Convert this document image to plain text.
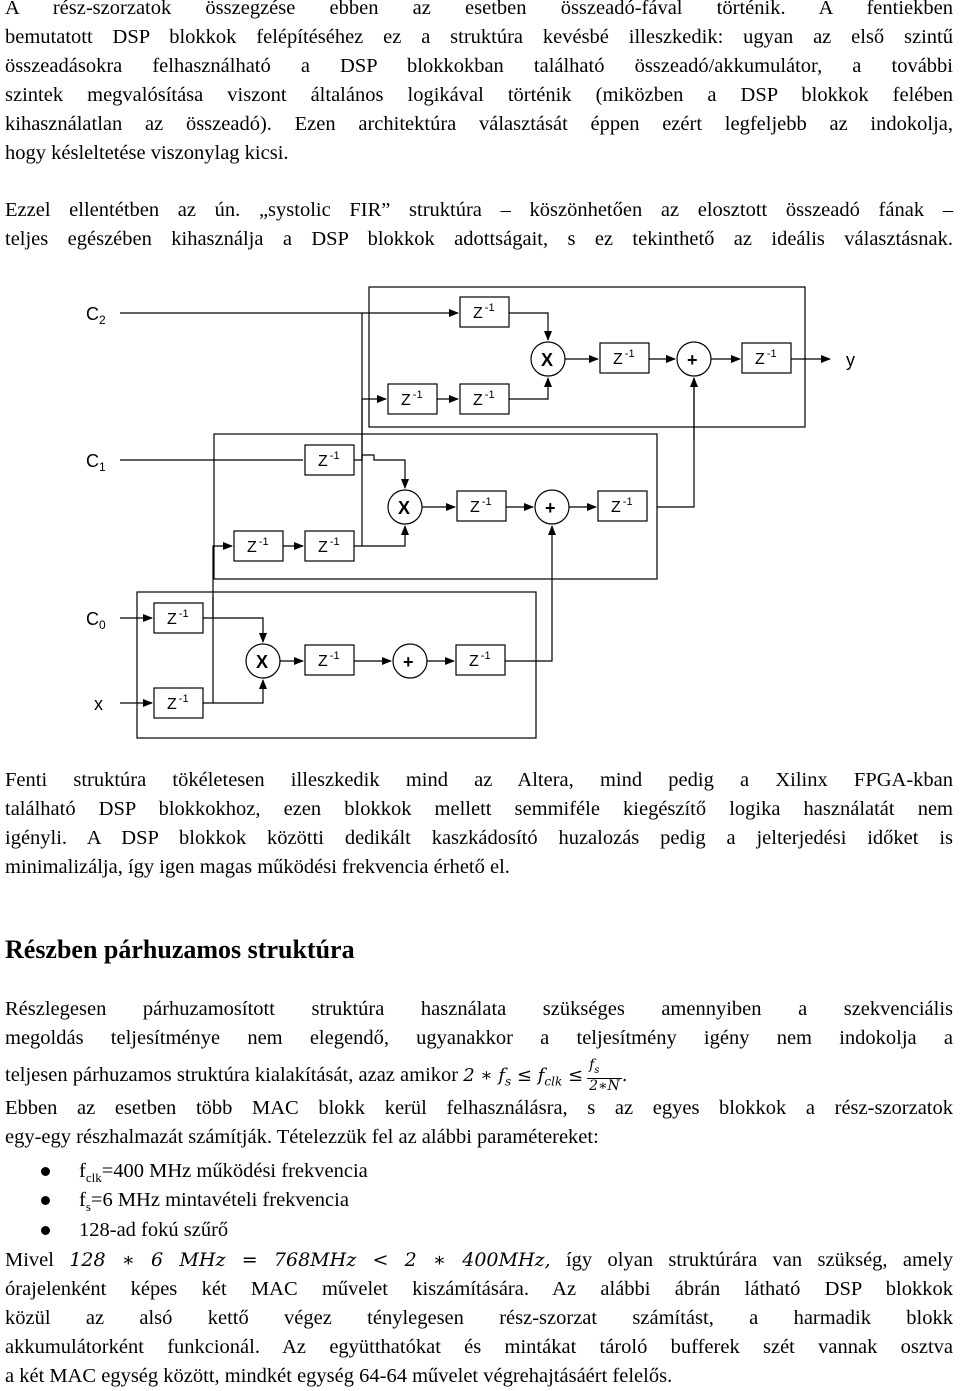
A rész-szorzatok összegzése ebben az esetben összeadó-fával történik. A fentiekben
bemutatott DSP blokkok felépítéséhez ez a struktúra kevésbé illeszkedik: ugyan az első szintű
összeadásokra felhasználható a DSP blokkokban található összeadó/akkumulátor, a további
szintek megvalósítása viszont általános logikával történik (miközben a DSP blokkok felében
kihasználatlan az összeadó). Ezen architektúra választását éppen ezért legfeljebb az indokolja,
hogy késleltetése viszonylag kicsi.
Ezzel ellentétben az ún. „systolic FIR” struktúra – köszönhetően az elosztott összeadó fának –
teljes egészében kihasználja a DSP blokkok adottságait, s ez tekinthető az ideális választásnak.
$C_2$
$C_1$
$C_0$
x
y
X	+
X	+
X	+
Z $^{-1}$
Z $^{-1}$	Z $^{-1}$
Z $^{-1}$	Z $^{-1}$
Z $^{-1}$
Z $^{-1}$	Z $^{-1}$
Z $^{-1}$	Z $^{-1}$
Z $^{-1}$
Z $^{-1}$
Z $^{-1}$	Z $^{-1}$
Fenti struktúra tökéletesen illeszkedik mind az Altera, mind pedig a Xilinx FPGA-kban
található DSP blokkokhoz, ezen blokkok mellett semmiféle kiegészítő logika használatát nem
igényli. A DSP blokkok közötti dedikált kaszkádosító huzalozás pedig a jelterjedési időket is
minimalizálja, így igen magas működési frekvencia érhető el.
Részben párhuzamos struktúra
Részlegesen párhuzamosított struktúra használata szükséges amennyiben a szekvenciális
megoldás teljesítménye nem elegendő, ugyanakkor a teljesítmény igény nem indokolja a
teljesen párhuzamos struktúra kialakítását, azaz amikor 2 ∗ $f_s \le f_{clk} \le \frac{f_s}{2∗N}$ .
Ebben az esetben több MAC blokk kerül felhasználásra, s az egyes blokkok a rész-szorzatok
egy-egy részhalmazát számítják. Tételezzük fel az alábbi paramétereket:
$f_{clk}=400$ MHz működési frekvencia
$f_s=6$ MHz mintavételi frekvencia
128-ad fokú szűrő
Mivel 128 ∗ 6 MHz = 768MHz < 2 ∗ 400MHz, így olyan struktúrára van szükség, amely
órajelenként képes két MAC művelet kiszámítására. Az alábbi ábrán látható DSP blokkok
közül az alsó kettő végez ténylegesen rész-szorzat számítást, a harmadik blokk
akkumulátorként funkcionál. Az együtthatókat és mintákat tároló bufferek szét vannak osztva
a két MAC egység között, mindkét egység 64-64 művelet végrehajtásáért felelős.
